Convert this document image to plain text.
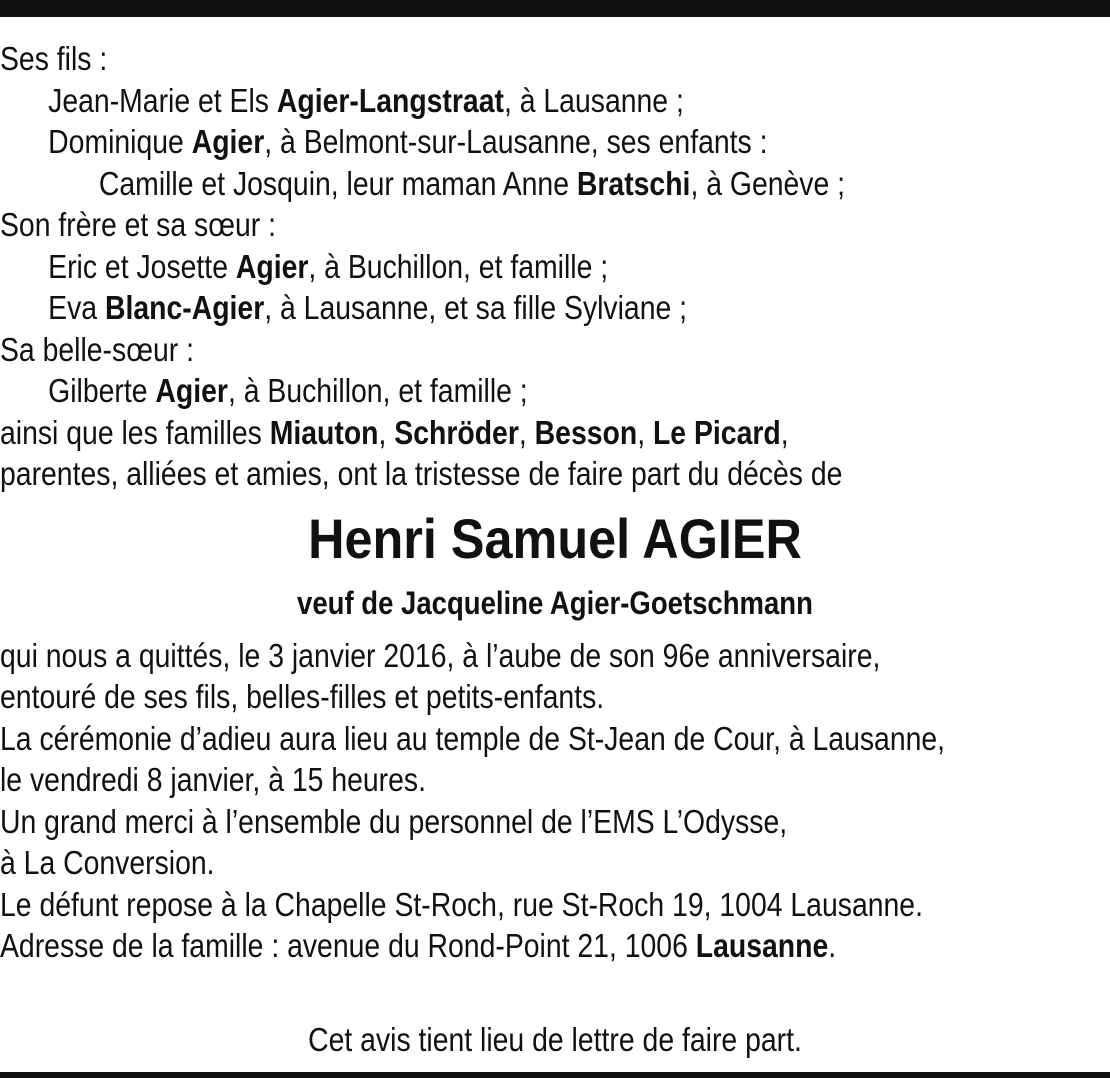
Ses fils :
Jean-Marie et Els Agier-Langstraat, à Lausanne ;
Dominique Agier, à Belmont-sur-Lausanne, ses enfants :
Camille et Josquin, leur maman Anne Bratschi, à Genève ;
Son frère et sa sœur :
Eric et Josette Agier, à Buchillon, et famille ;
Eva Blanc-Agier, à Lausanne, et sa fille Sylviane ;
Sa belle-sœur :
Gilberte Agier, à Buchillon, et famille ;
ainsi que les familles Miauton, Schröder, Besson, Le Picard,
parentes, alliées et amies, ont la tristesse de faire part du décès de
Henri Samuel AGIER
veuf de Jacqueline Agier-Goetschmann
qui nous a quittés, le 3 janvier 2016, à l’aube de son 96e anniversaire,
entouré de ses fils, belles-filles et petits-enfants.
La cérémonie d’adieu aura lieu au temple de St-Jean de Cour, à Lausanne,
le vendredi 8 janvier, à 15 heures.
Un grand merci à l’ensemble du personnel de l’EMS L’Odysse,
à La Conversion.
Le défunt repose à la Chapelle St-Roch, rue St-Roch 19, 1004 Lausanne.
Adresse de la famille : avenue du Rond-Point 21, 1006 Lausanne.
Cet avis tient lieu de lettre de faire part.
